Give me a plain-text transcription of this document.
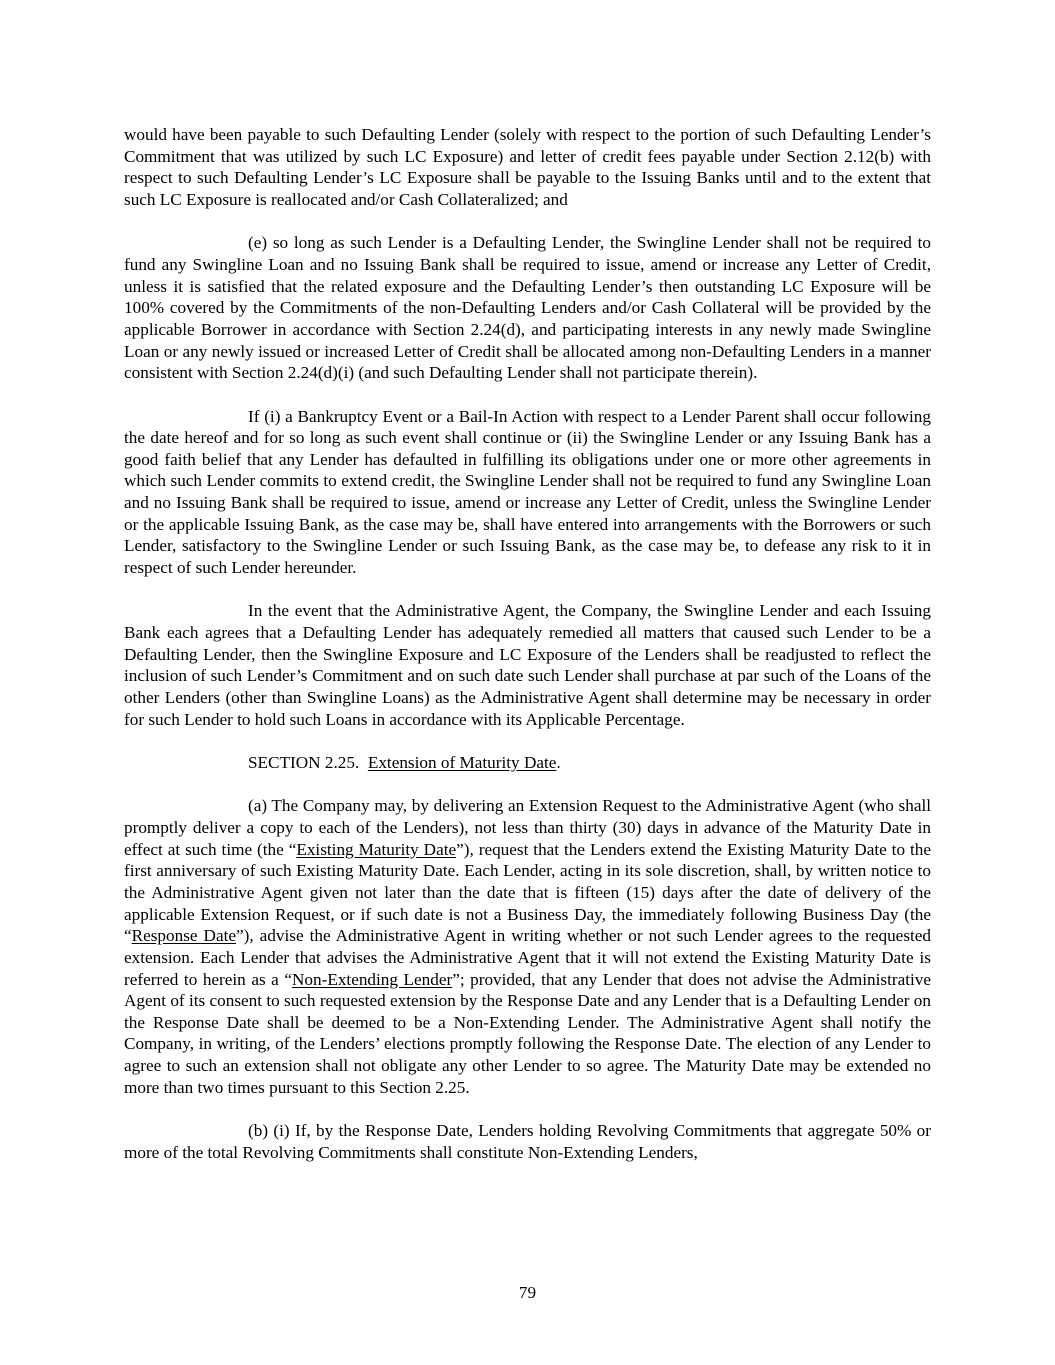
would have been payable to such Defaulting Lender (solely with respect to the portion of such Defaulting Lender’s Commitment that was utilized by such LC Exposure) and letter of credit fees payable under Section 2.12(b) with respect to such Defaulting Lender’s LC Exposure shall be payable to the Issuing Banks until and to the extent that such LC Exposure is reallocated and/or Cash Collateralized; and

(e) so long as such Lender is a Defaulting Lender, the Swingline Lender shall not be required to fund any Swingline Loan and no Issuing Bank shall be required to issue, amend or increase any Letter of Credit, unless it is satisfied that the related exposure and the Defaulting Lender’s then outstanding LC Exposure will be 100% covered by the Commitments of the non-Defaulting Lenders and/or Cash Collateral will be provided by the applicable Borrower in accordance with Section 2.24(d), and participating interests in any newly made Swingline Loan or any newly issued or increased Letter of Credit shall be allocated among non-Defaulting Lenders in a manner consistent with Section 2.24(d)(i) (and such Defaulting Lender shall not participate therein).

If (i) a Bankruptcy Event or a Bail-In Action with respect to a Lender Parent shall occur following the date hereof and for so long as such event shall continue or (ii) the Swingline Lender or any Issuing Bank has a good faith belief that any Lender has defaulted in fulfilling its obligations under one or more other agreements in which such Lender commits to extend credit, the Swingline Lender shall not be required to fund any Swingline Loan and no Issuing Bank shall be required to issue, amend or increase any Letter of Credit, unless the Swingline Lender or the applicable Issuing Bank, as the case may be, shall have entered into arrangements with the Borrowers or such Lender, satisfactory to the Swingline Lender or such Issuing Bank, as the case may be, to defease any risk to it in respect of such Lender hereunder.

In the event that the Administrative Agent, the Company, the Swingline Lender and each Issuing Bank each agrees that a Defaulting Lender has adequately remedied all matters that caused such Lender to be a Defaulting Lender, then the Swingline Exposure and LC Exposure of the Lenders shall be readjusted to reflect the inclusion of such Lender’s Commitment and on such date such Lender shall purchase at par such of the Loans of the other Lenders (other than Swingline Loans) as the Administrative Agent shall determine may be necessary in order for such Lender to hold such Loans in accordance with its Applicable Percentage.

SECTION 2.25. Extension of Maturity Date.

(a) The Company may, by delivering an Extension Request to the Administrative Agent (who shall promptly deliver a copy to each of the Lenders), not less than thirty (30) days in advance of the Maturity Date in effect at such time (the “Existing Maturity Date”), request that the Lenders extend the Existing Maturity Date to the first anniversary of such Existing Maturity Date. Each Lender, acting in its sole discretion, shall, by written notice to the Administrative Agent given not later than the date that is fifteen (15) days after the date of delivery of the applicable Extension Request, or if such date is not a Business Day, the immediately following Business Day (the “Response Date”), advise the Administrative Agent in writing whether or not such Lender agrees to the requested extension. Each Lender that advises the Administrative Agent that it will not extend the Existing Maturity Date is referred to herein as a “Non-Extending Lender”; provided, that any Lender that does not advise the Administrative Agent of its consent to such requested extension by the Response Date and any Lender that is a Defaulting Lender on the Response Date shall be deemed to be a Non-Extending Lender. The Administrative Agent shall notify the Company, in writing, of the Lenders’ elections promptly following the Response Date. The election of any Lender to agree to such an extension shall not obligate any other Lender to so agree. The Maturity Date may be extended no more than two times pursuant to this Section 2.25.

(b) (i) If, by the Response Date, Lenders holding Revolving Commitments that aggregate 50% or more of the total Revolving Commitments shall constitute Non-Extending Lenders,

79
